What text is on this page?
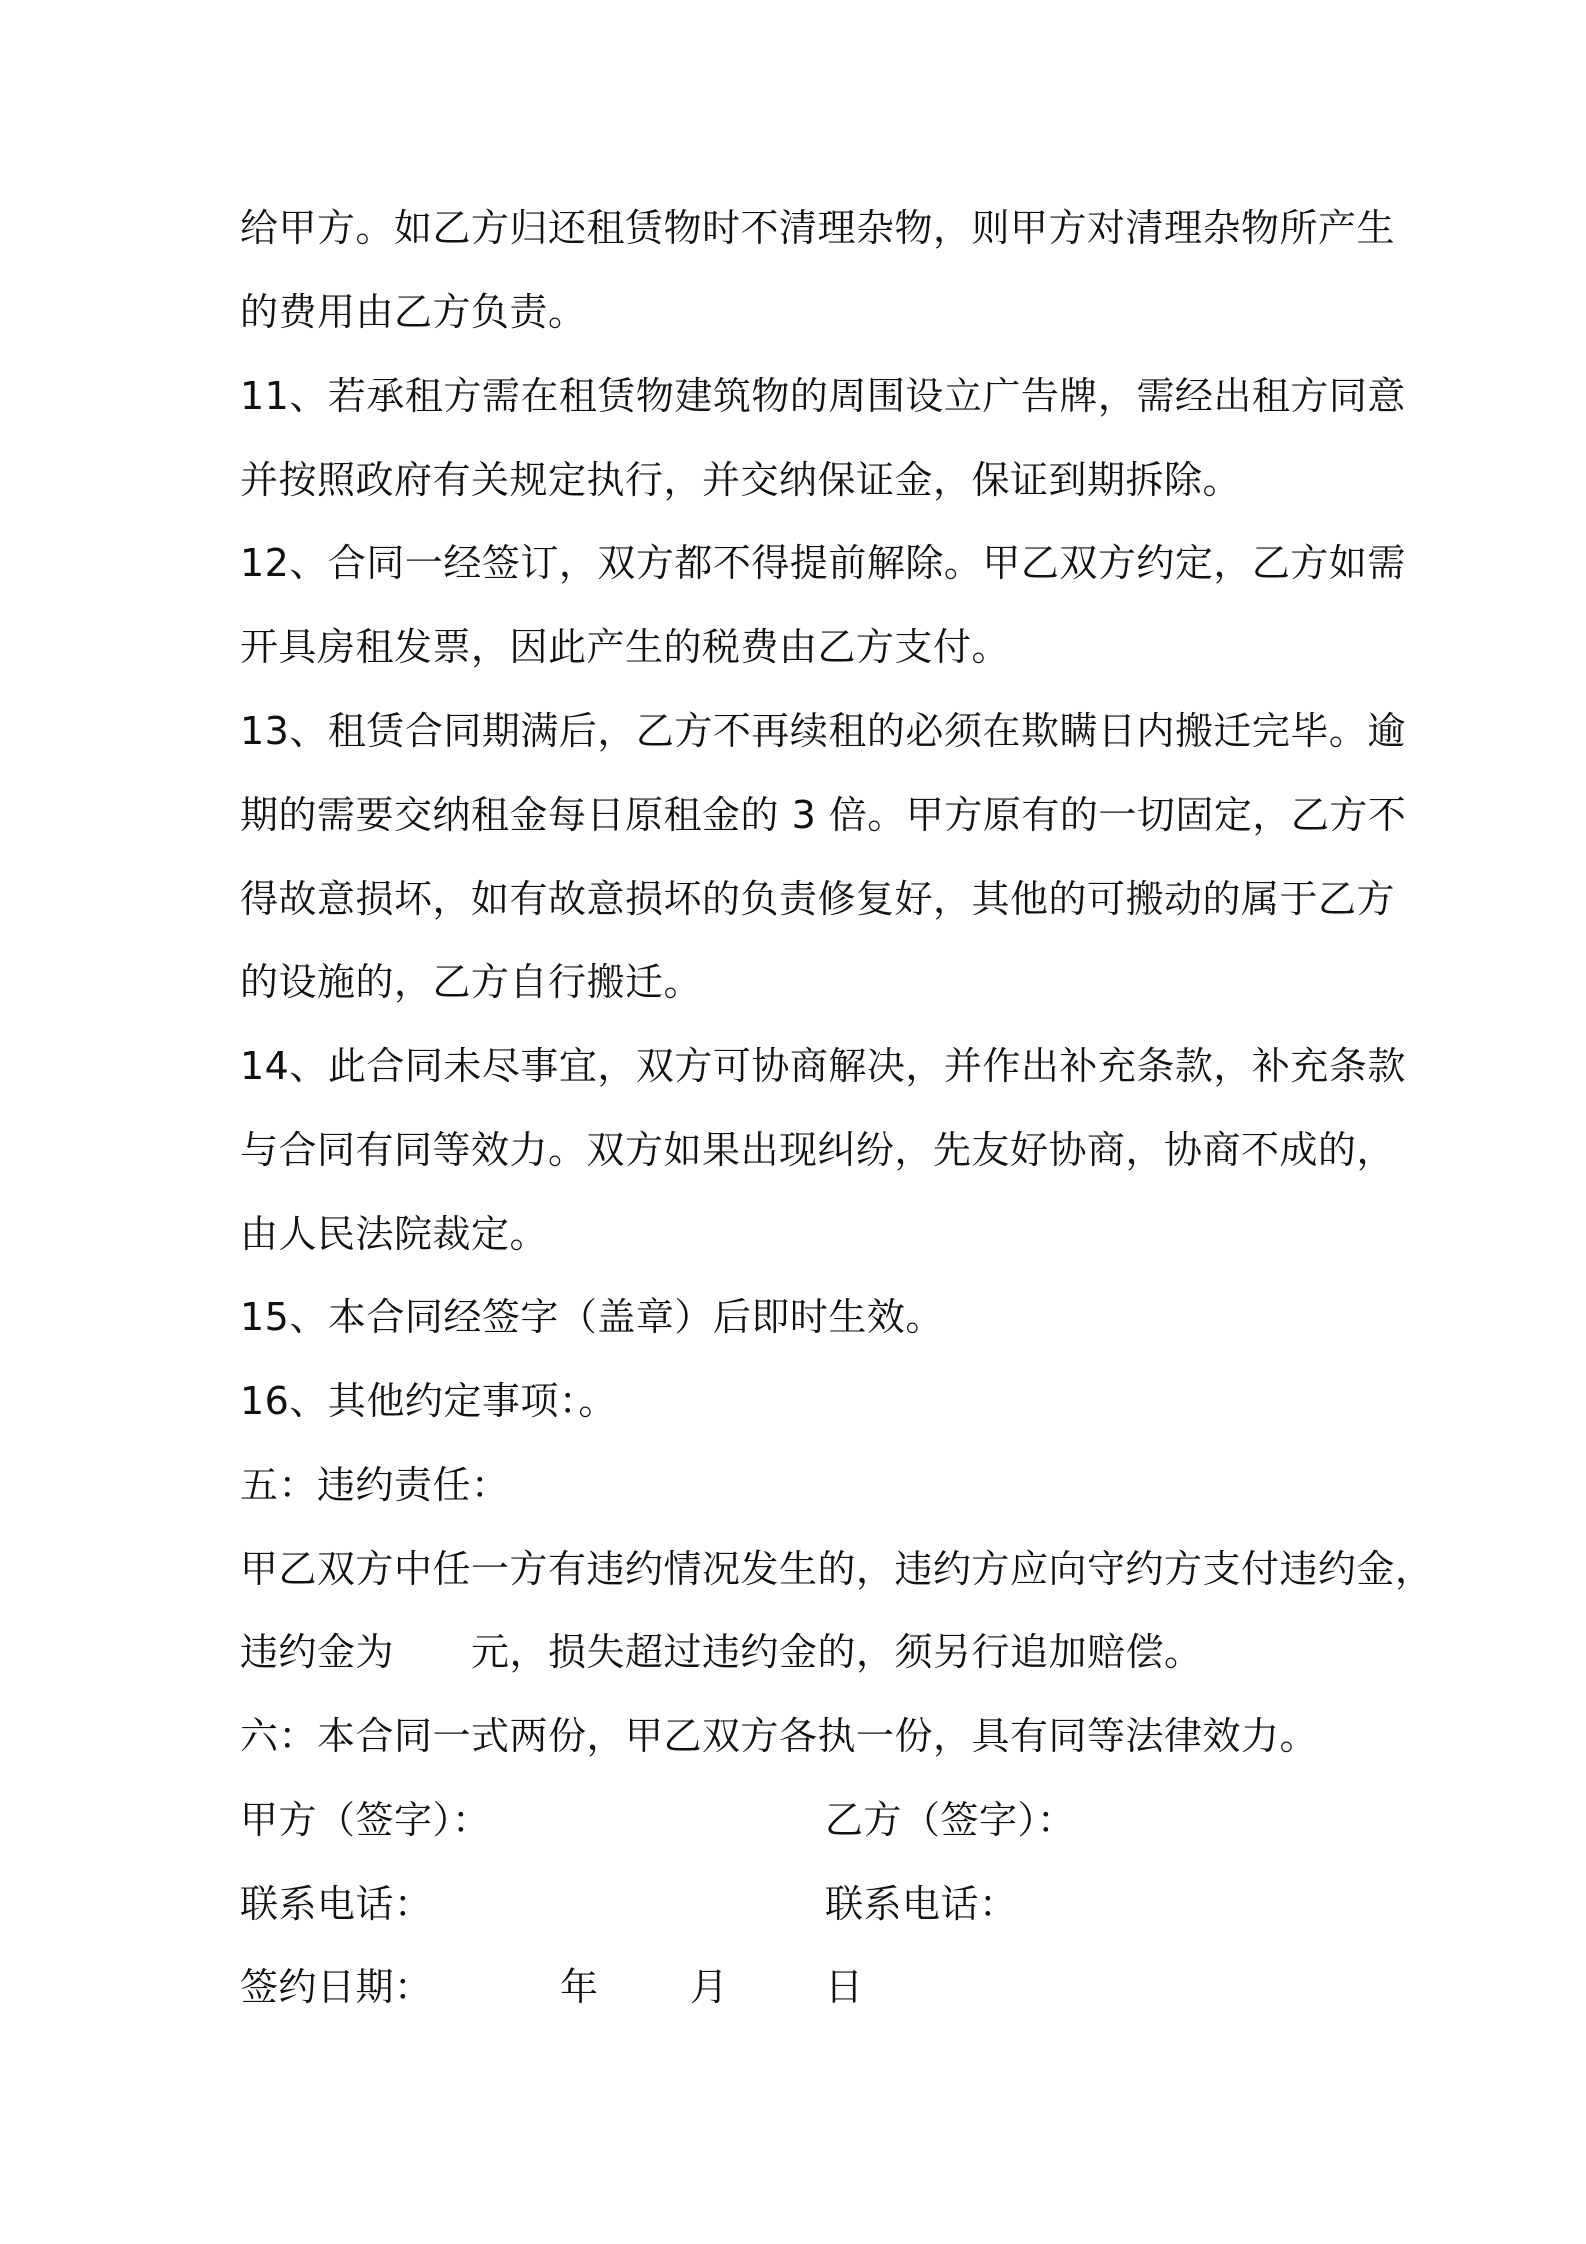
给甲方。如乙方归还租赁物时不清理杂物，则甲方对清理杂物所产生
的费用由乙方负责。
11、若承租方需在租赁物建筑物的周围设立广告牌，需经出租方同意
并按照政府有关规定执行，并交纳保证金，保证到期拆除。
12、合同一经签订，双方都不得提前解除。甲乙双方约定，乙方如需
开具房租发票，因此产生的税费由乙方支付。
13、租赁合同期满后，乙方不再续租的必须在欺瞒日内搬迁完毕。逾
期的需要交纳租金每日原租金的 3 倍。甲方原有的一切固定，乙方不
得故意损坏，如有故意损坏的负责修复好，其他的可搬动的属于乙方
的设施的，乙方自行搬迁。
14、此合同未尽事宜，双方可协商解决，并作出补充条款，补充条款
与合同有同等效力。双方如果出现纠纷，先友好协商，协商不成的，
由人民法院裁定。
15、本合同经签字（盖章）后即时生效。
16、其他约定事项：。
五：违约责任：
甲乙双方中任一方有违约情况发生的，违约方应向守约方支付违约金，
违约金为　　元，损失超过违约金的，须另行追加赔偿。
六：本合同一式两份，甲乙双方各执一份，具有同等法律效力。
甲方（签字）：	乙方（签字）：
联系电话：	联系电话：
签约日期：	年 月	日
